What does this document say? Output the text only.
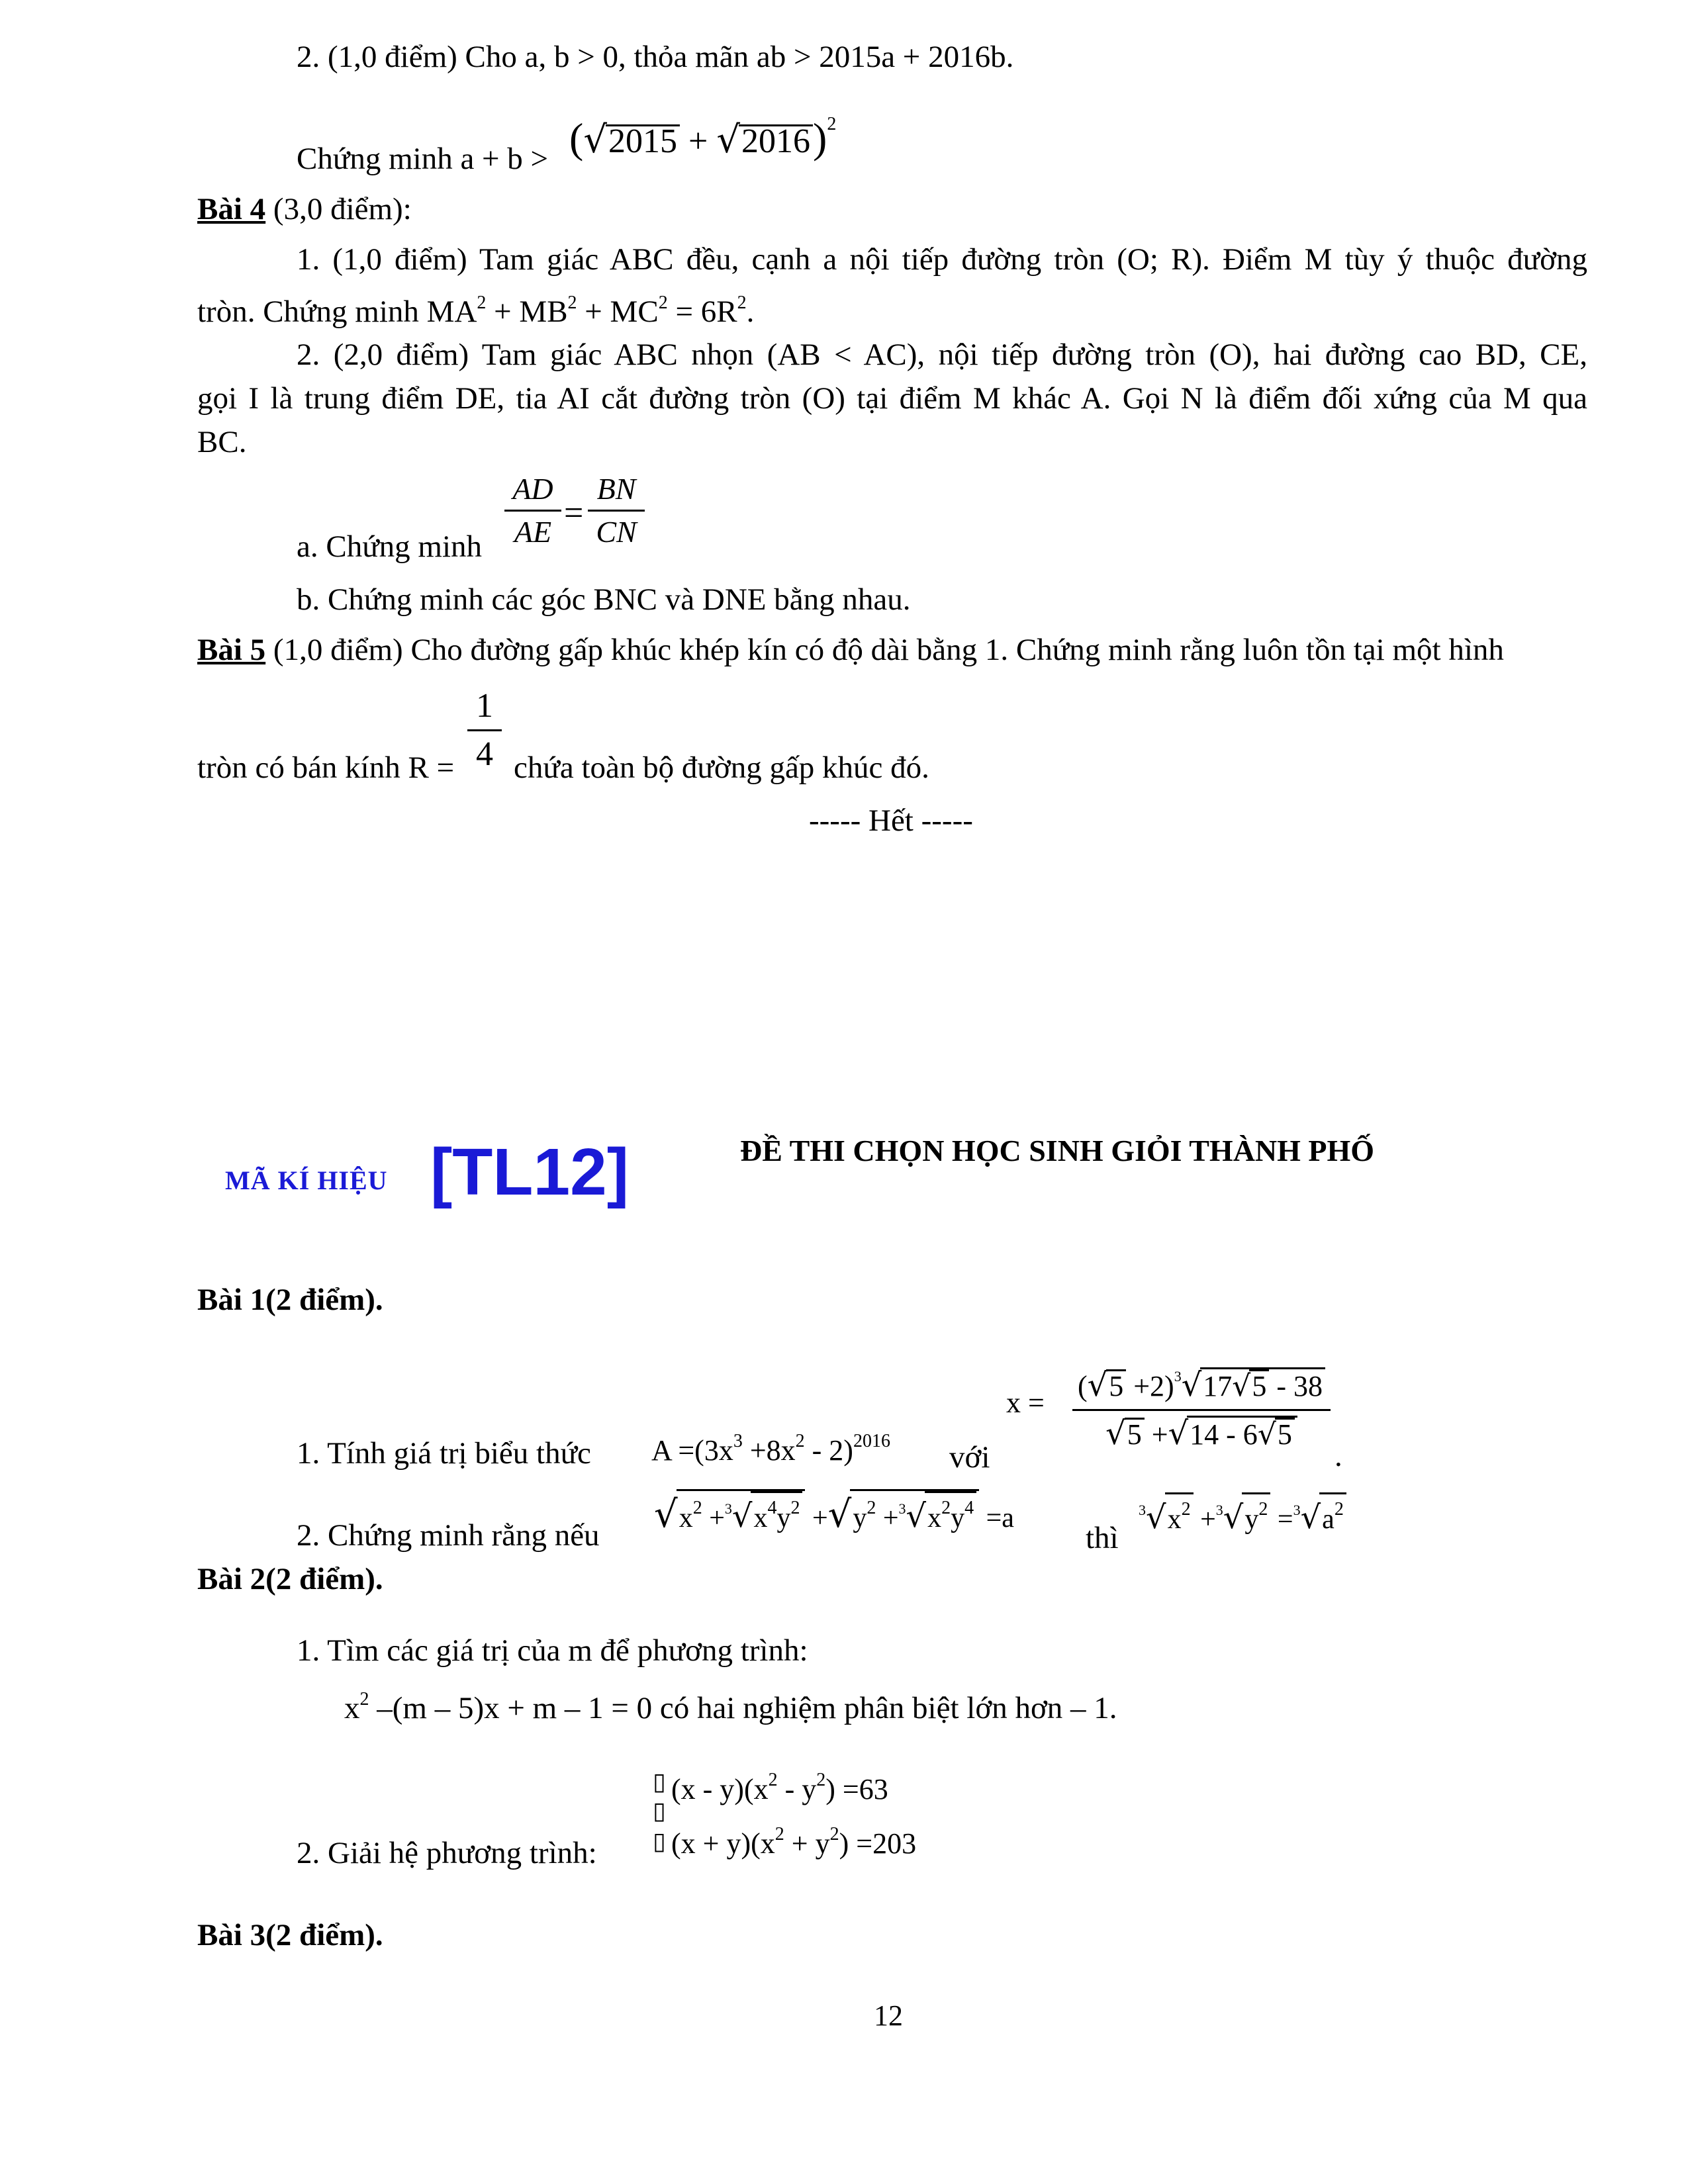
2. (1,0 điểm) Cho a, b > 0, thỏa mãn ab > 2015a + 2016b.
Chứng minh $a + b > (√2015 + √2016)^2$
Bài 4 (3,0 điểm):
1. (1,0 điểm) Tam giác ABC đều, cạnh a nội tiếp đường tròn (O; R). Điểm M tùy ý thuộc đường
tròn. Chứng minh $MA^2 + MB^2 + MC^2 = 6R^2$.
2. (2,0 điểm) Tam giác ABC nhọn (AB < AC), nội tiếp đường tròn (O), hai đường cao BD, CE,
gọi I là trung điểm DE, tia AI cắt đường tròn (O) tại điểm M khác A. Gọi N là điểm đối xứng của M qua
BC.
a. Chứng minh
AD
AE =
BN
CN
b. Chứng minh các góc BNC và DNE bằng nhau.
Bài 5 (1,0 điểm) Cho đường gấp khúc khép kín có độ dài bằng 1. Chứng minh rằng luôn tồn tại một hình
tròn có bán kính R =
1
4 chứa toàn bộ đường gấp khúc đó.
----- Hết -----
MÃ KÍ HIỆU [TL12]	ĐỀ THI CHỌN HỌC SINH GIỎI THÀNH PHỐ
Bài 1(2 điểm).
1. Tính giá trị biểu thức $A =(3x^3 +8x^2 - 2)^{2016}$ với
x =
$(√5 +2)^3√17√5 - 38$
√5 +√14 - 6√5
.
2. Chứng minh rằng nếu $√x^2 +^3√x^4y^2 +√y^2 +^3√x^2y^4 =a$
thì
$^3√x^2 +^3√y^2 =^3√a^2$
Bài 2(2 điểm).
1. Tìm các giá trị của m để phương trình:
$x^2$ –(m – 5)x + m – 1 = 0 có hai nghiệm phân biệt lớn hơn – 1.
▯
▯
▯
$(x - y)(x^2 - y^2) =63$
$(x + y)(x^2 + y^2) =203$
2. Giải hệ phương trình:
Bài 3(2 điểm).
12
